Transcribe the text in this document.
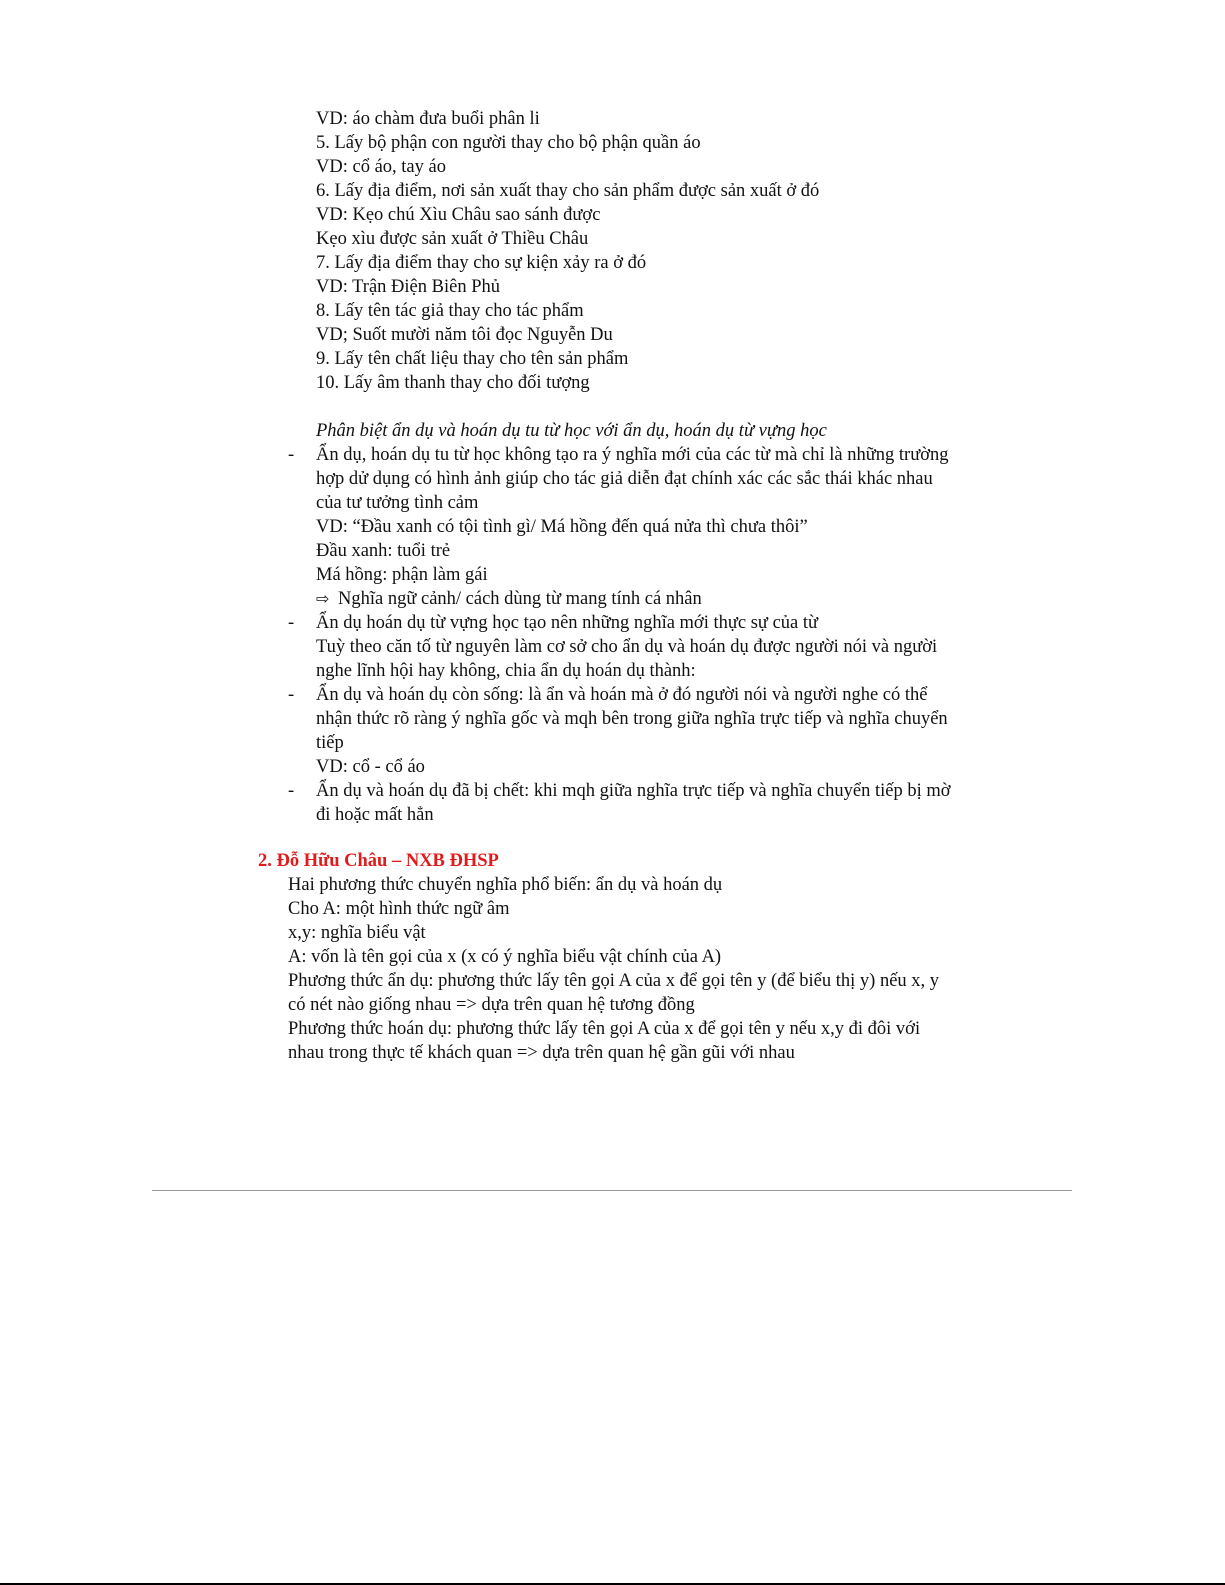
VD: áo chàm đưa buổi phân li
5. Lấy bộ phận con người thay cho bộ phận quần áo
VD: cổ áo, tay áo
6. Lấy địa điểm, nơi sản xuất thay cho sản phẩm được sản xuất ở đó
VD: Kẹo chú Xìu Châu sao sánh được
Kẹo xìu được sản xuất ở Thiều Châu
7. Lấy địa điểm thay cho sự kiện xảy ra ở đó
VD: Trận Điện Biên Phủ
8. Lấy tên tác giả thay cho tác phẩm
VD; Suốt mười năm tôi đọc Nguyễn Du
9. Lấy tên chất liệu thay cho tên sản phẩm
10. Lấy âm thanh thay cho đối tượng
Phân biệt ẩn dụ và hoán dụ tu từ học với ẩn dụ, hoán dụ từ vựng học
- Ẩn dụ, hoán dụ tu từ học không tạo ra ý nghĩa mới của các từ mà chỉ là những trường
hợp dử dụng có hình ảnh giúp cho tác giả diễn đạt chính xác các sắc thái khác nhau
của tư tưởng tình cảm
VD: “Đầu xanh có tội tình gì/ Má hồng đến quá nửa thì chưa thôi”
Đầu xanh: tuổi trẻ
Má hồng: phận làm gái
⇨ Nghĩa ngữ cảnh/ cách dùng từ mang tính cá nhân
- Ẩn dụ hoán dụ từ vựng học tạo nên những nghĩa mới thực sự của từ
Tuỳ theo căn tố từ nguyên làm cơ sở cho ẩn dụ và hoán dụ được người nói và người
nghe lĩnh hội hay không, chia ẩn dụ hoán dụ thành:
- Ẩn dụ và hoán dụ còn sống: là ẩn và hoán mà ở đó người nói và người nghe có thể
nhận thức rõ ràng ý nghĩa gốc và mqh bên trong giữa nghĩa trực tiếp và nghĩa chuyển
tiếp
VD: cổ - cổ áo
- Ẩn dụ và hoán dụ đã bị chết: khi mqh giữa nghĩa trực tiếp và nghĩa chuyển tiếp bị mờ
đi hoặc mất hẳn
2. Đỗ Hữu Châu – NXB ĐHSP
Hai phương thức chuyển nghĩa phổ biến: ẩn dụ và hoán dụ
Cho A: một hình thức ngữ âm
x,y: nghĩa biểu vật
A: vốn là tên gọi của x (x có ý nghĩa biểu vật chính của A)
Phương thức ẩn dụ: phương thức lấy tên gọi A của x để gọi tên y (để biểu thị y) nếu x, y
có nét nào giống nhau => dựa trên quan hệ tương đồng
Phương thức hoán dụ: phương thức lấy tên gọi A của x để gọi tên y nếu x,y đi đôi với
nhau trong thực tế khách quan => dựa trên quan hệ gần gũi với nhau
